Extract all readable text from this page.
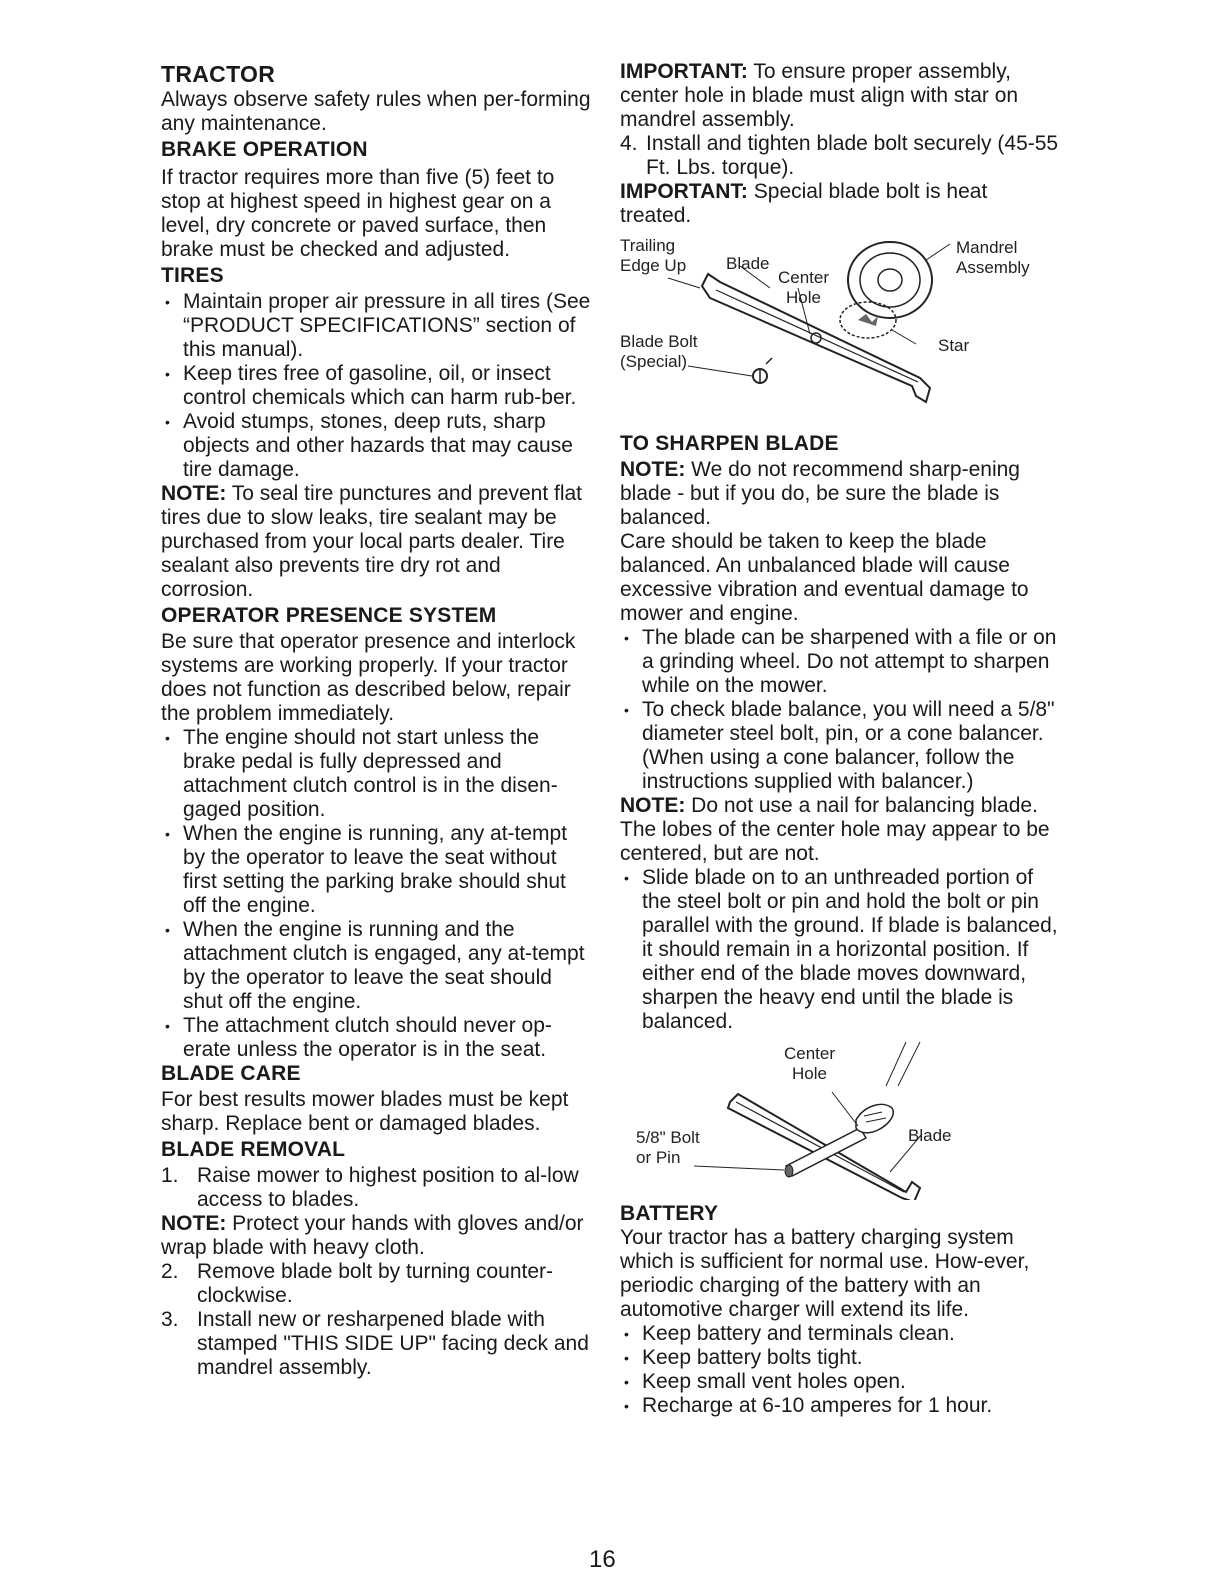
TRACTOR

Always observe safety rules when per-forming any maintenance.

BRAKE OPERATION

If tractor requires more than five (5) feet to stop at highest speed in highest gear on a level, dry concrete or paved surface, then brake must be checked and adjusted.

TIRES
• Maintain proper air pressure in all tires (See “PRODUCT SPECIFICATIONS” section of this manual).
• Keep tires free of gasoline, oil, or insect control chemicals which can harm rub-ber.
• Avoid stumps, stones, deep ruts, sharp objects and other hazards that may cause tire damage.

NOTE: To seal tire punctures and prevent flat tires due to slow leaks, tire sealant may be purchased from your local parts dealer. Tire sealant also prevents tire dry rot and corrosion.

OPERATOR PRESENCE SYSTEM

Be sure that operator presence and interlock systems are working properly. If your tractor does not function as described below, repair the problem immediately.

• The engine should not start unless the brake pedal is fully depressed and attachment clutch control is in the disen-gaged position.
• When the engine is running, any at-tempt by the operator to leave the seat without first setting the parking brake should shut off the engine.
• When the engine is running and the attachment clutch is engaged, any at-tempt by the operator to leave the seat should shut off the engine.
• The attachment clutch should never op-erate unless the operator is in the seat.
BLADE CARE

For best results mower blades must be kept sharp. Replace bent or damaged blades.

BLADE REMOVAL
1. Raise mower to highest position to al-low access to blades.

NOTE: Protect your hands with gloves and/or wrap blade with heavy cloth.

2. Remove blade bolt by turning counter-clockwise.
3. Install new or resharpened blade with stamped "THIS SIDE UP" facing deck and mandrel assembly.

IMPORTANT: To ensure proper assembly, center hole in blade must align with star on mandrel assembly.

4. Install and tighten blade bolt securely (45-55 Ft. Lbs. torque).

IMPORTANT: Special blade bolt is heat treated.

Trailing
Edge Up Blade
Center
Hole
Mandrel
Assembly
Blade Bolt
(Special)
Star
TO SHARPEN BLADE

NOTE: We do not recommend sharp-ening blade - but if you do, be sure the blade is balanced.

Care should be taken to keep the blade balanced. An unbalanced blade will cause excessive vibration and eventual damage to mower and engine.

• The blade can be sharpened with a file or on a grinding wheel. Do not attempt to sharpen while on the mower.
• To check blade balance, you will need a 5/8" diameter steel bolt, pin, or a cone balancer. (When using a cone balancer, follow the instructions supplied with balancer.)

NOTE: Do not use a nail for balancing blade. The lobes of the center hole may appear to be centered, but are not.

• Slide blade on to an unthreaded portion of the steel bolt or pin and hold the bolt or pin parallel with the ground. If blade is balanced, it should remain in a horizontal position. If either end of the blade moves downward, sharpen the heavy end until the blade is balanced.
Center
Hole
5/8" Bolt
or Pin
Blade
BATTERY

Your tractor has a battery charging system which is sufficient for normal use. How-ever, periodic charging of the battery with an automotive charger will extend its life.

• Keep battery and terminals clean.
• Keep battery bolts tight.
• Keep small vent holes open.
• Recharge at 6-10 amperes for 1 hour.
16
